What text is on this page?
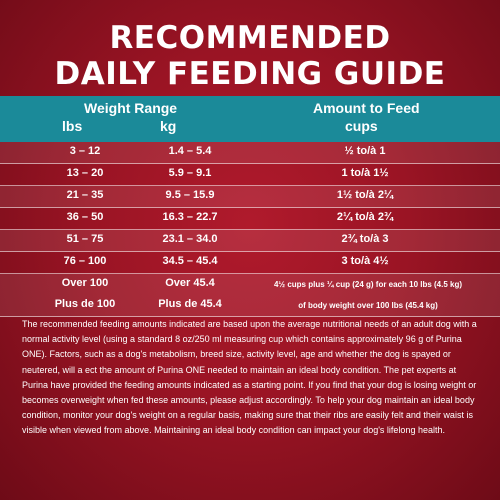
RECOMMENDED
DAILY FEEDING GUIDE
Weight Range
lbs	kg
Amount to Feed
cups
3 – 12	1.4 – 5.4	½ to/à 1
13 – 20	5.9 – 9.1	1 to/à 1½
21 – 35	9.5 – 15.9	1½ to/à 2¼
36 – 50	16.3 – 22.7	2¼ to/à 2¾
51 – 75	23.1 – 34.0	2¾ to/à 3
76 – 100	34.5 – 45.4	3 to/à 4½
Over 100	Over 45.4	4½ cups plus ¼ cup (24 g) for each 10 lbs (4.5 kg)
Plus de 100	Plus de 45.4	of body weight over 100 lbs (45.4 kg)
The recommended feeding amounts indicated are based upon the average nutritional needs of an adult dog with a normal activity level (using a standard 8 oz/250 ml measuring cup which contains approximately 96 g of Purina ONE). Factors, such as a dog's metabolism, breed size, activity level, age and whether the dog is spayed or neutered, will a ect the amount of Purina ONE needed to maintain an ideal body condition. The pet experts at Purina have provided the feeding amounts indicated as a starting point. If you find that your dog is losing weight or becomes overweight when fed these amounts, please adjust accordingly. To help your dog maintain an ideal body condition, monitor your dog's weight on a regular basis, making sure that their ribs are easily felt and their waist is visible when viewed from above. Maintaining an ideal body condition can impact your dog's lifelong health.
